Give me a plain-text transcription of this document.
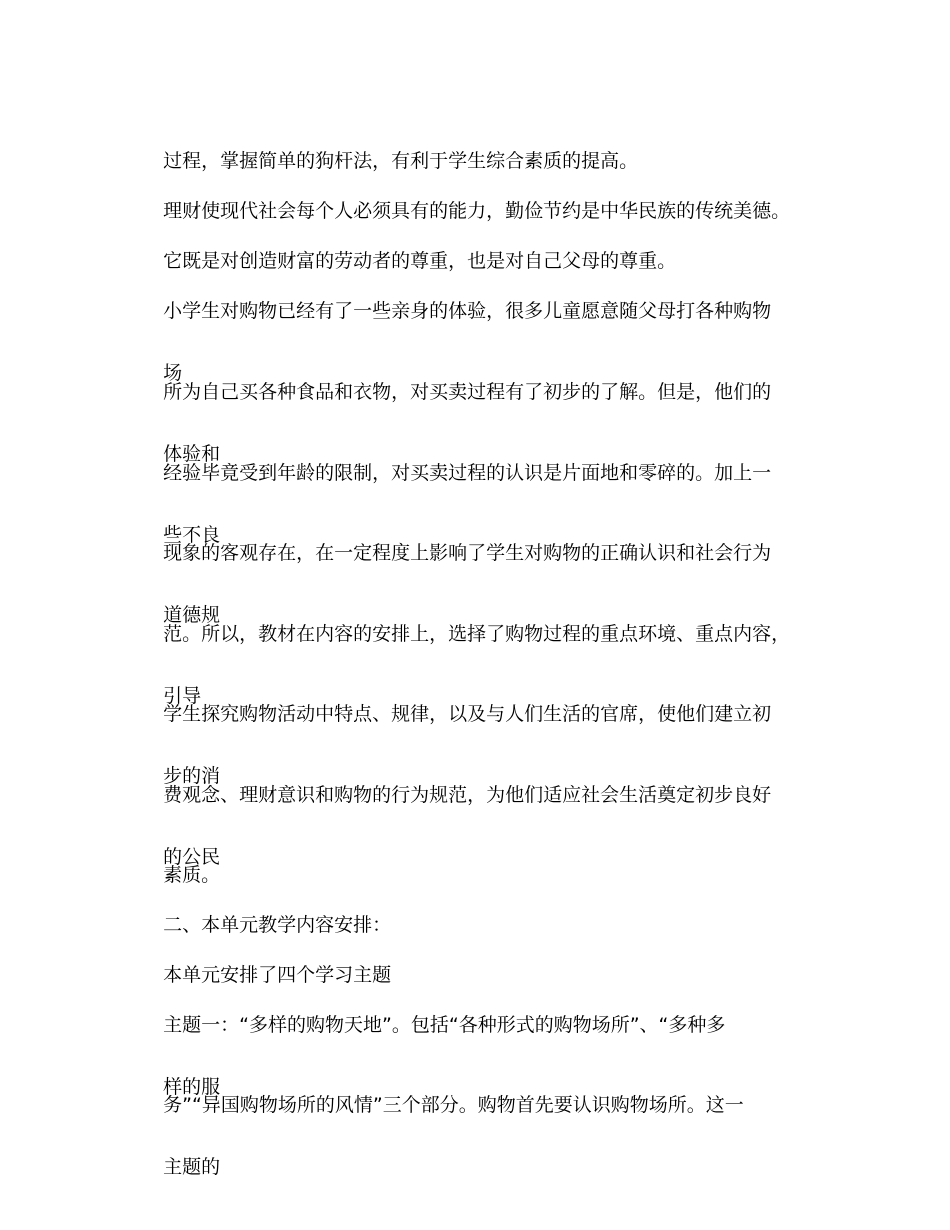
过程，掌握简单的狗杆法，有利于学生综合素质的提高。

理财使现代社会每个人必须具有的能力，勤俭节约是中华民族的传统美德。

它既是对创造财富的劳动者的尊重，也是对自己父母的尊重。

小学生对购物已经有了一些亲身的体验，很多儿童愿意随父母打各种购物

场

所为自己买各种食品和衣物，对买卖过程有了初步的了解。但是，他们的

体验和

经验毕竟受到年龄的限制，对买卖过程的认识是片面地和零碎的。加上一

些不良

现象的客观存在，在一定程度上影响了学生对购物的正确认识和社会行为

道德规

范。所以，教材在内容的安排上，选择了购物过程的重点环境、重点内容，

引导

学生探究购物活动中特点、规律，以及与人们生活的官席，使他们建立初

步的消

费观念、理财意识和购物的行为规范，为他们适应社会生活奠定初步良好

的公民

素质。

二、本单元教学内容安排：

本单元安排了四个学习主题

主题一：“多样的购物天地”。包括“各种形式的购物场所”、“多种多

样的服

务”“异国购物场所的风情”三个部分。购物首先要认识购物场所。这一

主题的
